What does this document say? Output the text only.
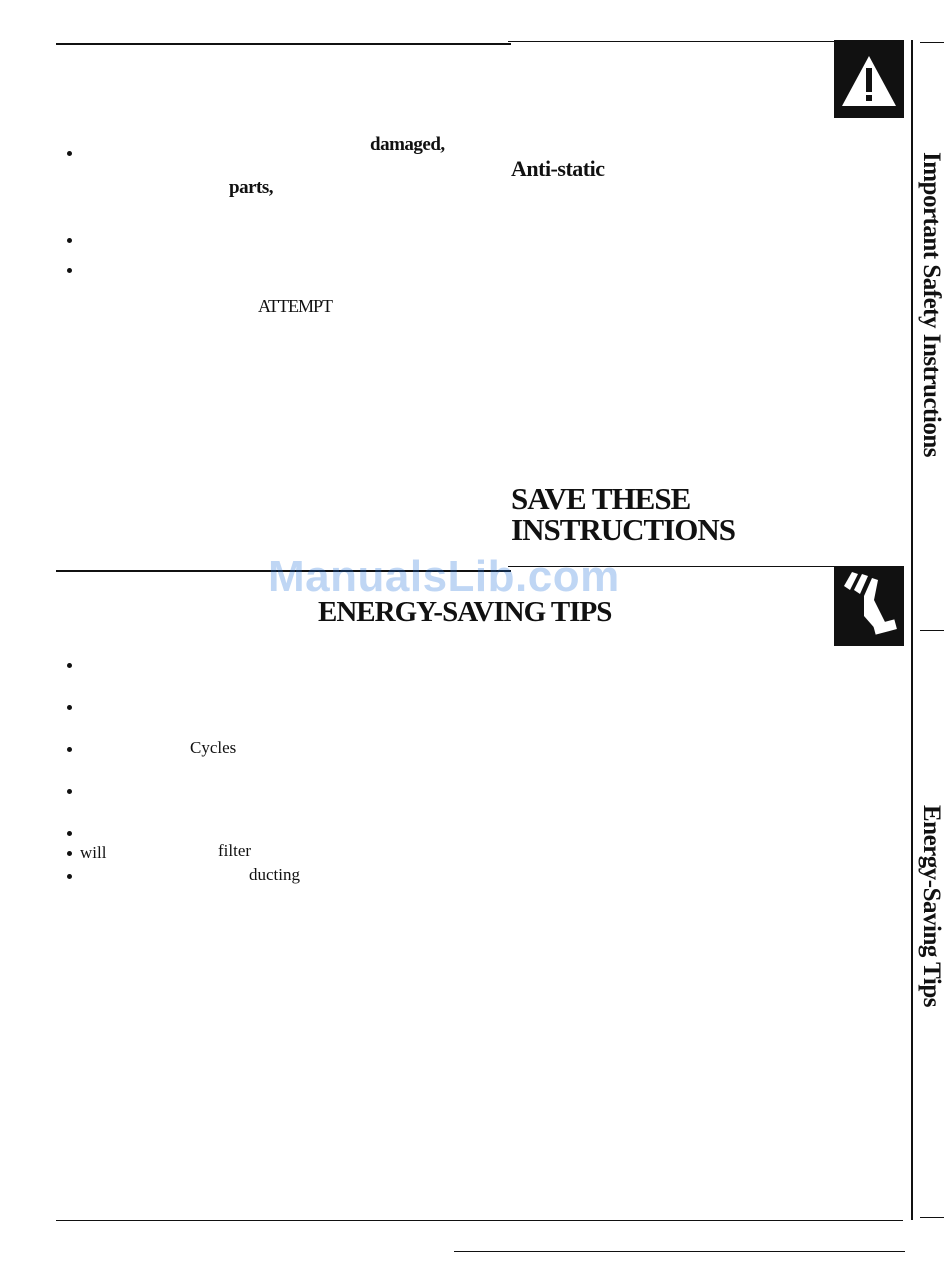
damaged,
Anti-static
parts,
ATTEMPT
SAVE THESE
INSTRUCTIONS
ManualsLib.com
ENERGY-SAVING TIPS
Cycles
will	filter
ducting
Important Safety Instructions
Energy-Saving Tips
